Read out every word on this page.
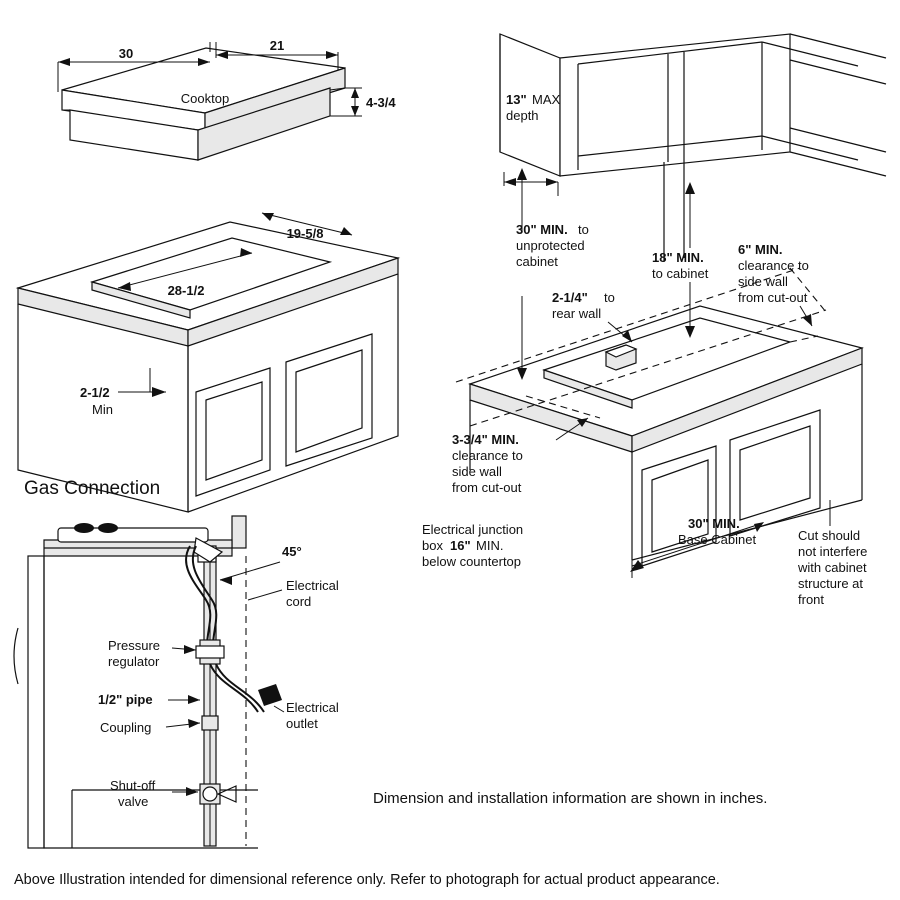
30
21
4-3/4
Cooktop
19-5/8
28-1/2
2-1/2
Min
Gas Connection
45°
Electrical
cord
Pressure
regulator
1/2" pipe
Coupling
Electrical
outlet
Shut-off
valve
13" MAX
depth
30" MIN. to
unprotected
cabinet	18" MIN.
to cabinet
6" MIN.
clearance to
side wall
from cut-out
2-1/4" to
rear wall
3-3/4" MIN.
clearance to
side wall
from cut-out
Electrical junction
box 16" MIN.
below countertop
30" MIN.
Base Cabinet	Cut should
not interfere
with cabinet
structure at
front
Dimension and installation information are shown in inches.
Above Illustration intended for dimensional reference only. Refer to photograph for actual product appearance.
